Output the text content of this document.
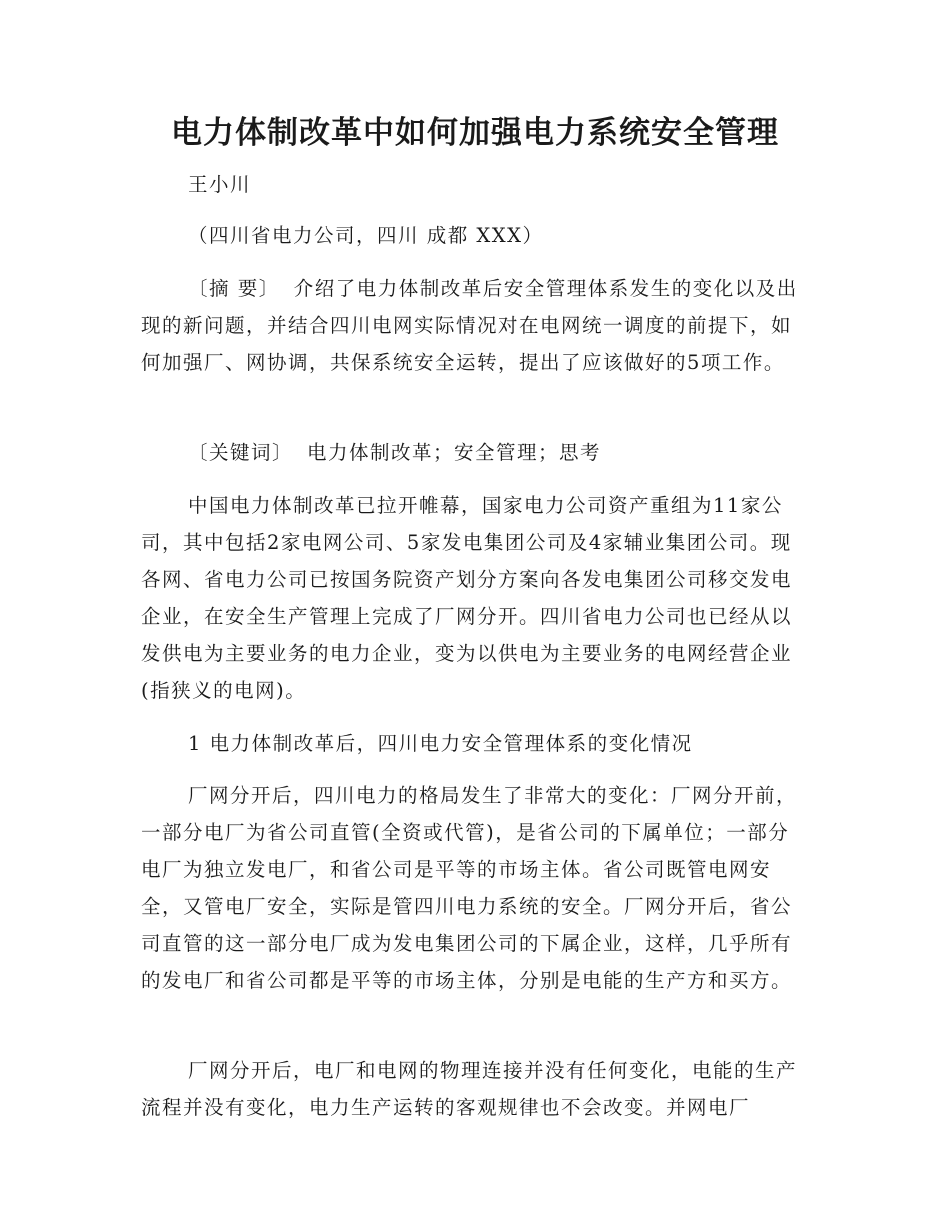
电力体制改革中如何加强电力系统安全管理

王小川

（四川省电力公司，四川 成都 XXX）

〔摘 要〕 介绍了电力体制改革后安全管理体系发生的变化以及出现的新问题，并结合四川电网实际情况对在电网统一调度的前提下，如何加强厂、网协调，共保系统安全运转，提出了应该做好的5项工作。

〔关键词〕 电力体制改革；安全管理；思考

中国电力体制改革已拉开帷幕，国家电力公司资产重组为11家公司，其中包括2家电网公司、5家发电集团公司及4家辅业集团公司。现各网、省电力公司已按国务院资产划分方案向各发电集团公司移交发电企业，在安全生产管理上完成了厂网分开。四川省电力公司也已经从以发供电为主要业务的电力企业，变为以供电为主要业务的电网经营企业(指狭义的电网)。

1 电力体制改革后，四川电力安全管理体系的变化情况

厂网分开后，四川电力的格局发生了非常大的变化：厂网分开前，一部分电厂为省公司直管(全资或代管)，是省公司的下属单位；一部分电厂为独立发电厂，和省公司是平等的市场主体。省公司既管电网安全，又管电厂安全，实际是管四川电力系统的安全。厂网分开后，省公司直管的这一部分电厂成为发电集团公司的下属企业，这样，几乎所有的发电厂和省公司都是平等的市场主体，分别是电能的生产方和买方。

厂网分开后，电厂和电网的物理连接并没有任何变化，电能的生产流程并没有变化，电力生产运转的客观规律也不会改变。并网电厂
